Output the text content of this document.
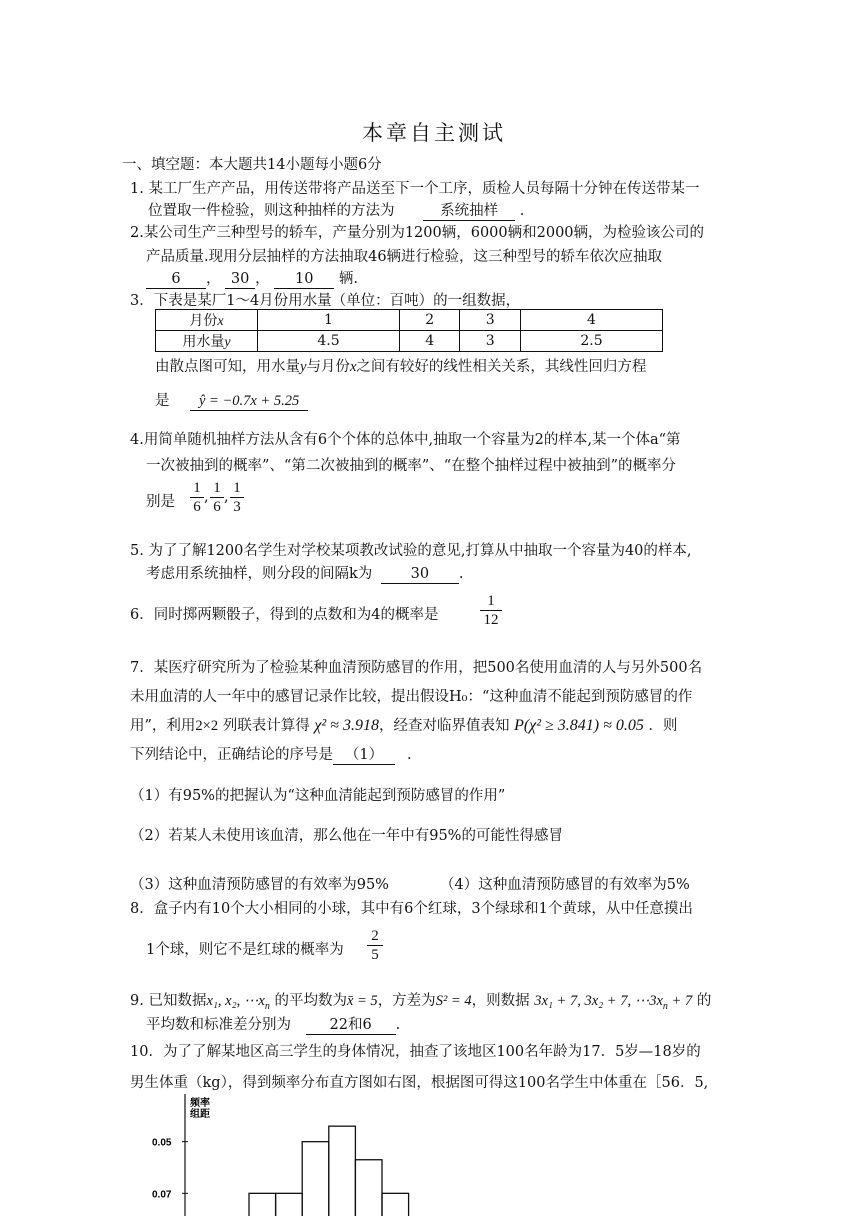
本章自主测试
一、填空题：本大题共14小题每小题6分
1. 某工厂生产产品，用传送带将产品送至下一个工序，质检人员每隔十分钟在传送带某一
位置取一件检验，则这种抽样的方法为	系统抽样 .
2.某公司生产三种型号的轿车，产量分别为1200辆，6000辆和2000辆，为检验该公司的
产品质量.现用分层抽样的方法抽取46辆进行检验，这三种型号的轿车依次应抽取
6 ， 30 ， 10 辆.
3．下表是某厂1～4月份用水量（单位：百吨）的一组数据，
月份x	1	2	3	4
用水量y	4.5	4	3	2.5
由散点图可知，用水量y与月份x之间有较好的线性相关关系，其线性回归方程
是 ŷ = −0.7x + 5.25
4.用简单随机抽样方法从含有6个个体的总体中,抽取一个容量为2的样本,某一个体a“第
一次被抽到的概率”、“第二次被抽到的概率”、“在整个抽样过程中被抽到”的概率分
别是 $\frac{1}{6}$ , $\frac{1}{6}$ , $\frac{1}{3}$
5. 为了了解1200名学生对学校某项教改试验的意见,打算从中抽取一个容量为40的样本,
考虑用系统抽样，则分段的间隔k为	30 .
6．同时掷两颗骰子，得到的点数和为4的概率是	$\frac{1}{12}$
7．某医疗研究所为了检验某种血清预防感冒的作用，把500名使用血清的人与另外500名
未用血清的人一年中的感冒记录作比较，提出假设H₀：“这种血清不能起到预防感冒的作
用”，利用2×2 列联表计算得 χ² ≈ 3.918，经查对临界值表知 P(χ² ≥ 3.841) ≈ 0.05 ．则
下列结论中，正确结论的序号是 （1） .
（1）有95%的把握认为“这种血清能起到预防感冒的作用”
（2）若某人未使用该血清，那么他在一年中有95%的可能性得感冒
（3）这种血清预防感冒的有效率为95%	（4）这种血清预防感冒的有效率为5%
8．盒子内有10个大小相同的小球，其中有6个红球，3个绿球和1个黄球，从中任意摸出
1个球，则它不是红球的概率为 $\frac{2}{5}$
9. 已知数据x₁, x₂, $\cdots x_n$ 的平均数为x̄ = 5，方差为S² = 4，则数据 3x₁ + 7, 3x₂ + 7, $\cdots 3x_n + 7$ 的
平均数和标准差分别为	22和6 .
10．为了了解某地区高三学生的身体情况，抽查了该地区100名年龄为17．5岁—18岁的
男生体重（kg），得到频率分布直方图如右图，根据图可得这100名学生中体重在［56．5,
频率
组距
0.07
0.05
